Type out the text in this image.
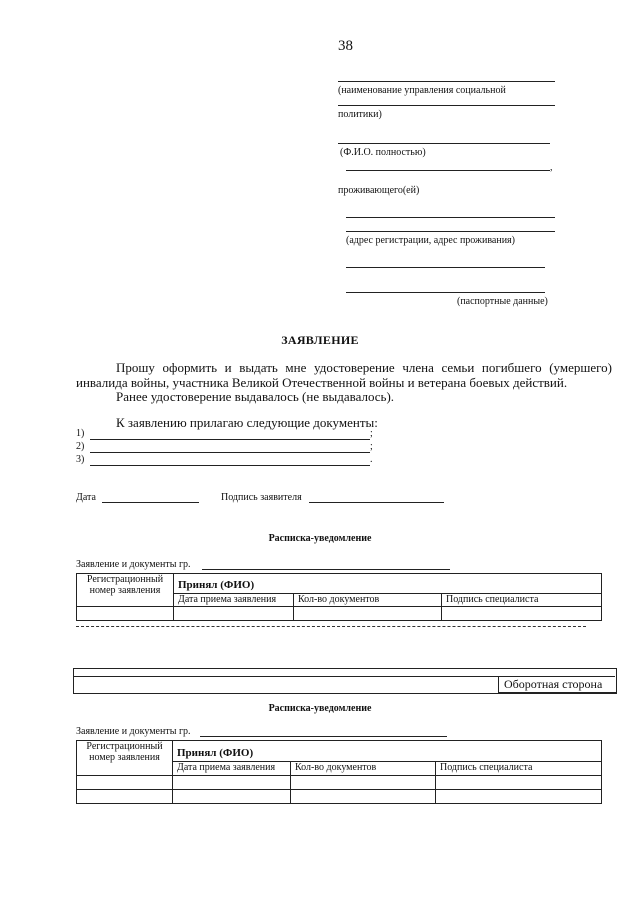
38
(наименование управления социальной
политики)
(Ф.И.О. полностью)
,
проживающего(ей)
(адрес регистрации, адрес проживания)
(паспортные данные)
ЗАЯВЛЕНИЕ
Прошу оформить и выдать мне удостоверение члена семьи погибшего (умершего) инвалида войны, участника Великой Отечественной войны и ветерана боевых действий.
Ранее удостоверение выдавалось (не выдавалось).
К заявлению прилагаю следующие документы:
1)	;
2)	;
3)	.
Дата	Подпись заявителя
Расписка-уведомление
Заявление и документы гр.
Регистрационный номер заявления	Принял (ФИО)		
	Дата приема заявления	Кол-во документов	Подпись специалиста

Оборотная сторона
Расписка-уведомление
Заявление и документы гр.
Регистрационный номер заявления	Принял (ФИО)		
	Дата приема заявления	Кол-во документов	Подпись специалиста
